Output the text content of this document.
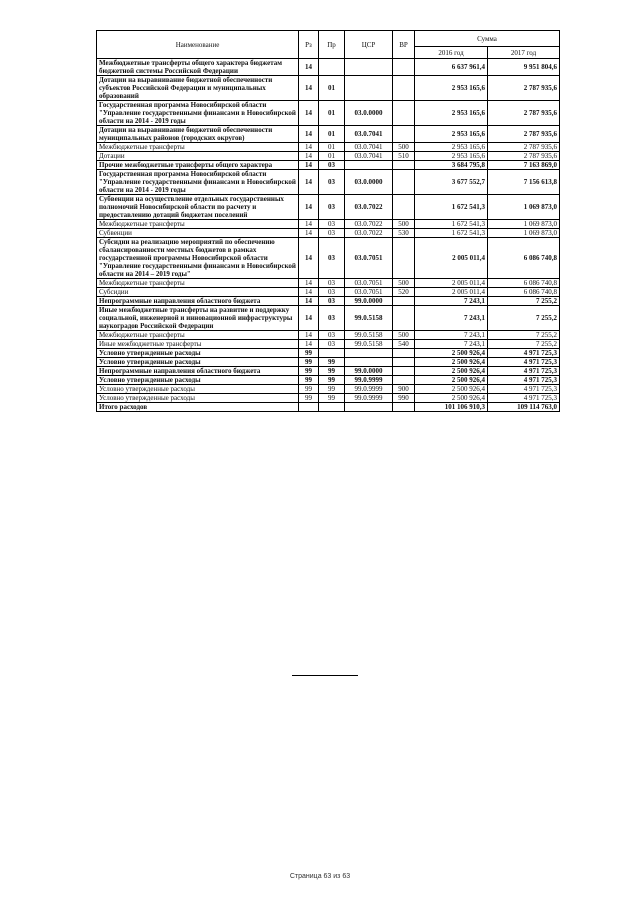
Наименование	Рз	Пр	ЦСР	ВР	Сумма	
					2016 год	2017 год
Межбюджетные трансферты общего характера бюджетам бюджетной системы Российской Федерации	14				6 637 961,4	9 951 804,6
Дотации на выравнивание бюджетной обеспеченности субъектов Российской Федерации и муниципальных образований	14	01			2 953 165,6	2 787 935,6
Государственная программа Новосибирской области "Управление государственными финансами в Новосибирской области на 2014 - 2019 годы	14	01	03.0.0000		2 953 165,6	2 787 935,6
Дотации на выравнивание бюджетной обеспеченности муниципальных районов (городских округов)	14	01	03.0.7041		2 953 165,6	2 787 935,6
Межбюджетные трансферты	14	01	03.0.7041	500	2 953 165,6	2 787 935,6
Дотации	14	01	03.0.7041	510	2 953 165,6	2 787 935,6
Прочие межбюджетные трансферты общего характера	14	03			3 684 795,8	7 163 869,0
Государственная программа Новосибирской области "Управление государственными финансами в Новосибирской области на 2014 - 2019 годы	14	03	03.0.0000		3 677 552,7	7 156 613,8
Субвенции на осуществление отдельных государственных полномочий Новосибирской области по расчету и предоставлению дотаций бюджетам поселений	14	03	03.0.7022		1 672 541,3	1 069 873,0
Межбюджетные трансферты	14	03	03.0.7022	500	1 672 541,3	1 069 873,0
Субвенции	14	03	03.0.7022	530	1 672 541,3	1 069 873,0
Субсидии на реализацию мероприятий по обеспечению сбалансированности местных бюджетов в рамках государственной программы Новосибирской области "Управление государственными финансами в Новосибирской области на 2014 – 2019 годы"	14	03	03.0.7051		2 005 011,4	6 086 740,8
Межбюджетные трансферты	14	03	03.0.7051	500	2 005 011,4	6 086 740,8
Субсидии	14	03	03.0.7051	520	2 005 011,4	6 086 740,8
Непрограммные направления областного бюджета	14	03	99.0.0000		7 243,1	7 255,2
Иные межбюджетные трансферты на развитие и поддержку социальной, инженерной и инновационной инфраструктуры наукоградов Российской Федерации	14	03	99.0.5158		7 243,1	7 255,2
Межбюджетные трансферты	14	03	99.0.5158	500	7 243,1	7 255,2
Иные межбюджетные трансферты	14	03	99.0.5158	540	7 243,1	7 255,2
Условно утвержденные расходы	99				2 500 926,4	4 971 725,3
Условно утвержденные расходы	99	99			2 500 926,4	4 971 725,3
Непрограммные направления областного бюджета	99	99	99.0.0000		2 500 926,4	4 971 725,3
Условно утвержденные расходы	99	99	99.0.9999		2 500 926,4	4 971 725,3
Условно утвержденные расходы	99	99	99.0.9999	900	2 500 926,4	4 971 725,3
Условно утвержденные расходы	99	99	99.0.9999	990	2 500 926,4	4 971 725,3
Итого расходов					101 106 910,3	109 114 763,0
Страница 63 из 63
